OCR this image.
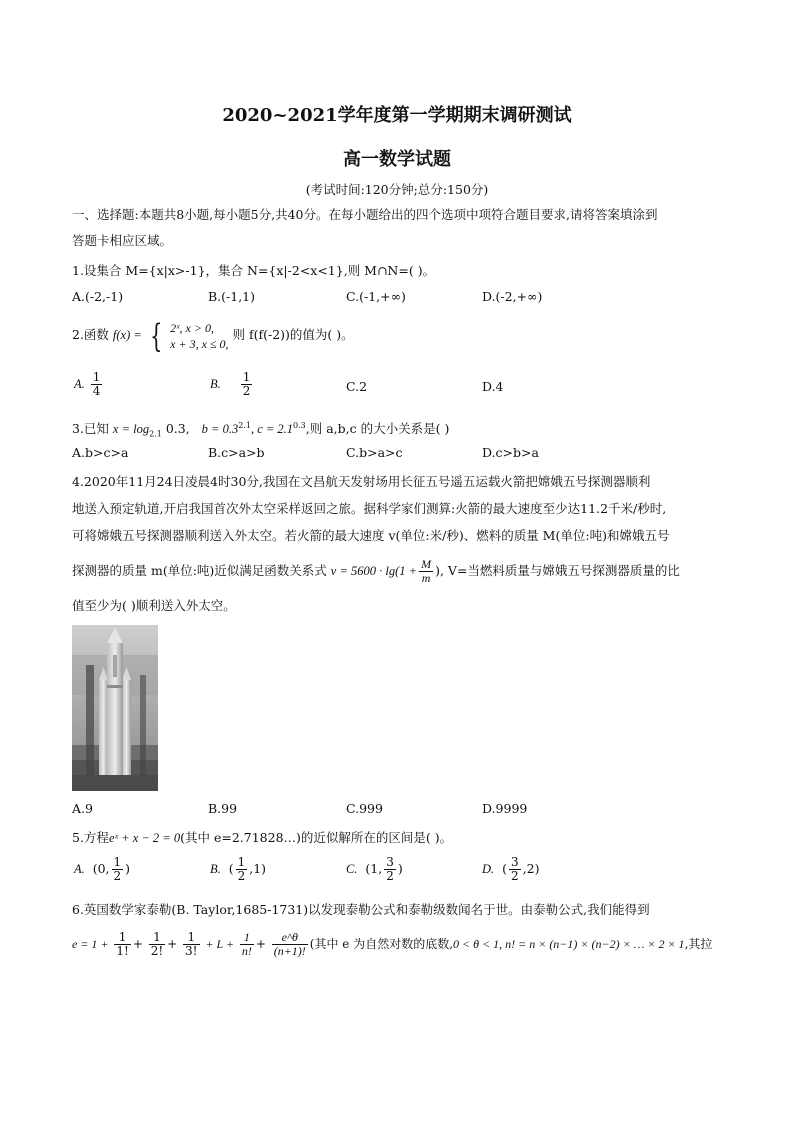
2020~2021学年度第一学期期末调研测试
高一数学试题
(考试时间:120分钟;总分:150分)
一、选择题:本题共8小题,每小题5分,共40分。在每小题给出的四个选项中项符合题目要求,请将答案填涂到
答题卡相应区域。
1.设集合 M={x|x>-1}，集合 N={x|-2<x<1},则 M∩N=( )。
A.(-2,-1)	B.(-1,1)	C.(-1,+∞)	D.(-2,+∞)
2.函数 f(x) = { 2ˣ, x > 0,
x + 3, x ≤ 0,
则 f(f(-2))的值为( )。
A. $\frac{1}{4}$	B. $\frac{1}{2}$	C.2	D.4
3.已知 $x = \log_{2.1} 0.3$, $b = 0.3^{2.1}$, $c = 2.1^{0.3}$,则 a,b,c 的大小关系是( )
A.b>c>a	B.c>a>b	C.b>a>c	D.c>b>a
4.2020年11月24日凌晨4时30分,我国在文昌航天发射场用长征五号遥五运载火箭把嫦娥五号探测器顺利
地送入预定轨道,开启我国首次外太空采样返回之旅。据科学家们测算:火箭的最大速度至少达11.2千米/秒时,
可将嫦娥五号探测器顺利送入外太空。若火箭的最大速度 v(单位:米/秒)、燃料的质量 M(单位:吨)和嫦娥五号
探测器的质量 m(单位:吨)近似满足函数关系式 $v = 5600 \cdot \lg(1 + \frac{M}{m}$ ), V=当燃料质量与嫦娥五号探测器质量的比
值至少为( )顺利送入外太空。
A.9	B.99	C.999	D.9999
5.方程eˣ + x − 2 = 0(其中 e=2.71828…)的近似解所在的区间是( )。
A. (0, $\frac{1}{2}$ )	B. ( $\frac{1}{2} ,1$)	C. (1, $\frac{3}{2}$ )	D. ( $\frac{3}{2} ,2$)
6.英国数学家泰勒(B. Taylor,1685-1731)以发现泰勒公式和泰勒级数闻名于世。由泰勒公式,我们能得到
$e = 1 + \frac{1}{1!} + \frac{1}{2!} + \frac{1}{3!} + L + \frac{1}{n!} + \frac{e\^{}\theta}{(n+1)!}$ (其中 e 为自然对数的底数,0 < θ < 1, n! = n × (n−1) × (n−2) × … × 2 × 1,其拉
